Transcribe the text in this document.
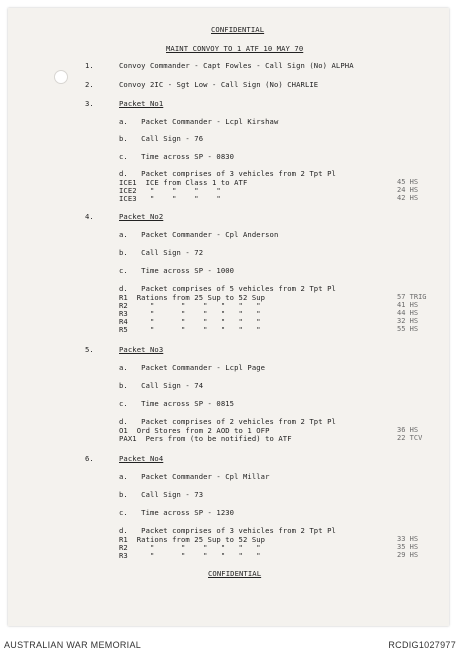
CONFIDENTIAL
MAINT CONVOY TO 1 ATF 10 MAY 70
1.	Convoy Commander - Capt Fowles - Call Sign (No) ALPHA
2.	Convoy 2IC - Sgt Low - Call Sign (No) CHARLIE
3.	Packet No1
a.   Packet Commander - Lcpl Kirshaw
b.   Call Sign - 76
c.   Time across SP - 0830
d.   Packet comprises of 3 vehicles from 2 Tpt Pl
ICE1  ICE from Class 1 to ATF	45 HS
ICE2   "    "    "    "	24 HS
ICE3   "    "    "    "	42 HS
4.	Packet No2
a.   Packet Commander - Cpl Anderson
b.   Call Sign - 72
c.   Time across SP - 1000
d.   Packet comprises of 5 vehicles from 2 Tpt Pl
R1  Rations from 25 Sup to 52 Sup	57 TRIG
R2     "      "    "   "   "   "	41 HS
R3     "      "    "   "   "   "	44 HS
R4     "      "    "   "   "   "	32 HS
R5     "      "    "   "   "   "	55 HS
5.	Packet No3
a.   Packet Commander - Lcpl Page
b.   Call Sign - 74
c.   Time across SP - 0815
d.   Packet comprises of 2 vehicles from 2 Tpt Pl
O1  Ord Stores from 2 AOD to 1 OFP	36 HS
PAX1  Pers from (to be notified) to ATF	22 TCV
6.	Packet No4
a.   Packet Commander - Cpl Millar
b.   Call Sign - 73
c.   Time across SP - 1230
d.   Packet comprises of 3 vehicles from 2 Tpt Pl
R1  Rations from 25 Sup to 52 Sup	33 HS
R2     "      "    "   "   "   "	35 HS
R3     "      "    "   "   "   "	29 HS
CONFIDENTIAL
AUSTRALIAN WAR MEMORIAL	RCDIG1027977
